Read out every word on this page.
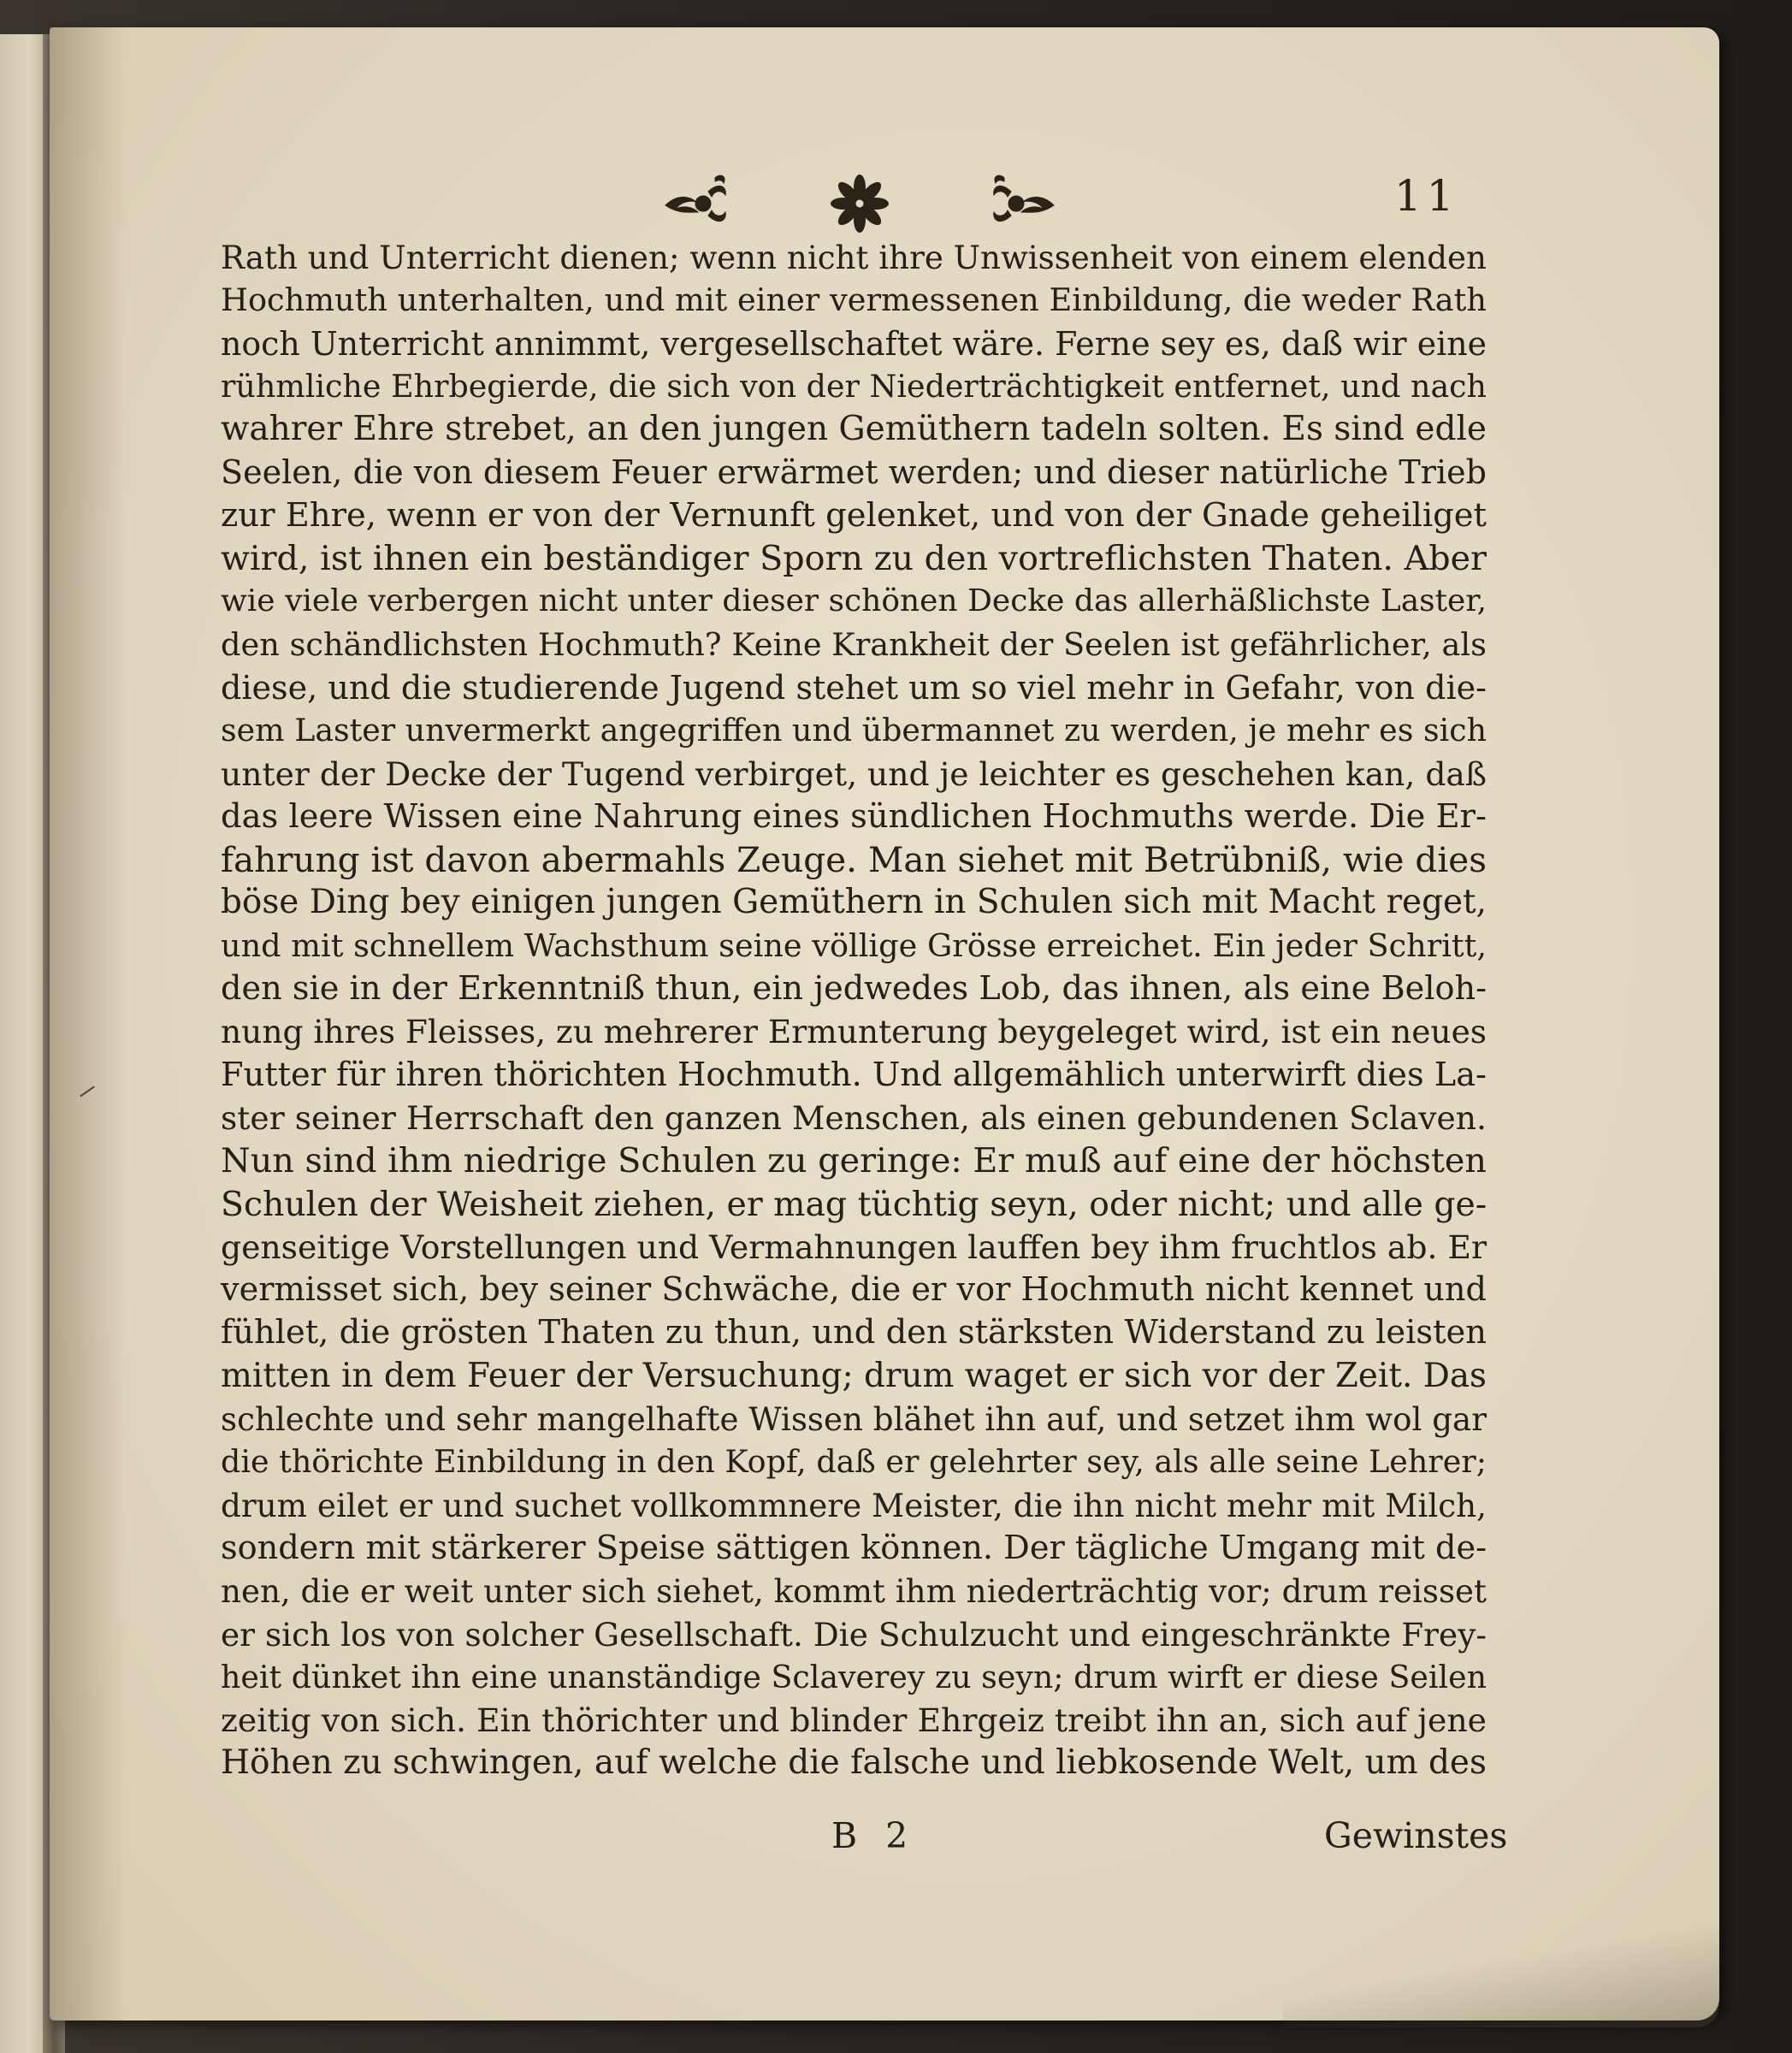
11
Rath und Unterricht dienen; wenn nicht ihre Unwissenheit von einem elenden
Hochmuth unterhalten, und mit einer vermessenen Einbildung, die weder Rath
noch Unterricht annimmt, vergesellschaftet wäre. Ferne sey es, daß wir eine
rühmliche Ehrbegierde, die sich von der Niederträchtigkeit entfernet, und nach
wahrer Ehre strebet, an den jungen Gemüthern tadeln solten. Es sind edle
Seelen, die von diesem Feuer erwärmet werden; und dieser natürliche Trieb
zur Ehre, wenn er von der Vernunft gelenket, und von der Gnade geheiliget
wird, ist ihnen ein beständiger Sporn zu den vortreflichsten Thaten. Aber
wie viele verbergen nicht unter dieser schönen Decke das allerhäßlichste Laster,
den schändlichsten Hochmuth? Keine Krankheit der Seelen ist gefährlicher, als
diese, und die studierende Jugend stehet um so viel mehr in Gefahr, von die-
sem Laster unvermerkt angegriffen und übermannet zu werden, je mehr es sich
unter der Decke der Tugend verbirget, und je leichter es geschehen kan, daß
das leere Wissen eine Nahrung eines sündlichen Hochmuths werde. Die Er-
fahrung ist davon abermahls Zeuge. Man siehet mit Betrübniß, wie dies
böse Ding bey einigen jungen Gemüthern in Schulen sich mit Macht reget,
und mit schnellem Wachsthum seine völlige Grösse erreichet. Ein jeder Schritt,
den sie in der Erkenntniß thun, ein jedwedes Lob, das ihnen, als eine Beloh-
nung ihres Fleisses, zu mehrerer Ermunterung beygeleget wird, ist ein neues
Futter für ihren thörichten Hochmuth. Und allgemählich unterwirft dies La-
ster seiner Herrschaft den ganzen Menschen, als einen gebundenen Sclaven.
Nun sind ihm niedrige Schulen zu geringe: Er muß auf eine der höchsten
Schulen der Weisheit ziehen, er mag tüchtig seyn, oder nicht; und alle ge-
genseitige Vorstellungen und Vermahnungen lauffen bey ihm fruchtlos ab. Er
vermisset sich, bey seiner Schwäche, die er vor Hochmuth nicht kennet und
fühlet, die grösten Thaten zu thun, und den stärksten Widerstand zu leisten
mitten in dem Feuer der Versuchung; drum waget er sich vor der Zeit. Das
schlechte und sehr mangelhafte Wissen blähet ihn auf, und setzet ihm wol gar
die thörichte Einbildung in den Kopf, daß er gelehrter sey, als alle seine Lehrer;
drum eilet er und suchet vollkommnere Meister, die ihn nicht mehr mit Milch,
sondern mit stärkerer Speise sättigen können. Der tägliche Umgang mit de-
nen, die er weit unter sich siehet, kommt ihm niederträchtig vor; drum reisset
er sich los von solcher Gesellschaft. Die Schulzucht und eingeschränkte Frey-
heit dünket ihn eine unanständige Sclaverey zu seyn; drum wirft er diese Seilen
zeitig von sich. Ein thörichter und blinder Ehrgeiz treibt ihn an, sich auf jene
Höhen zu schwingen, auf welche die falsche und liebkosende Welt, um des
B 2	Gewinstes
